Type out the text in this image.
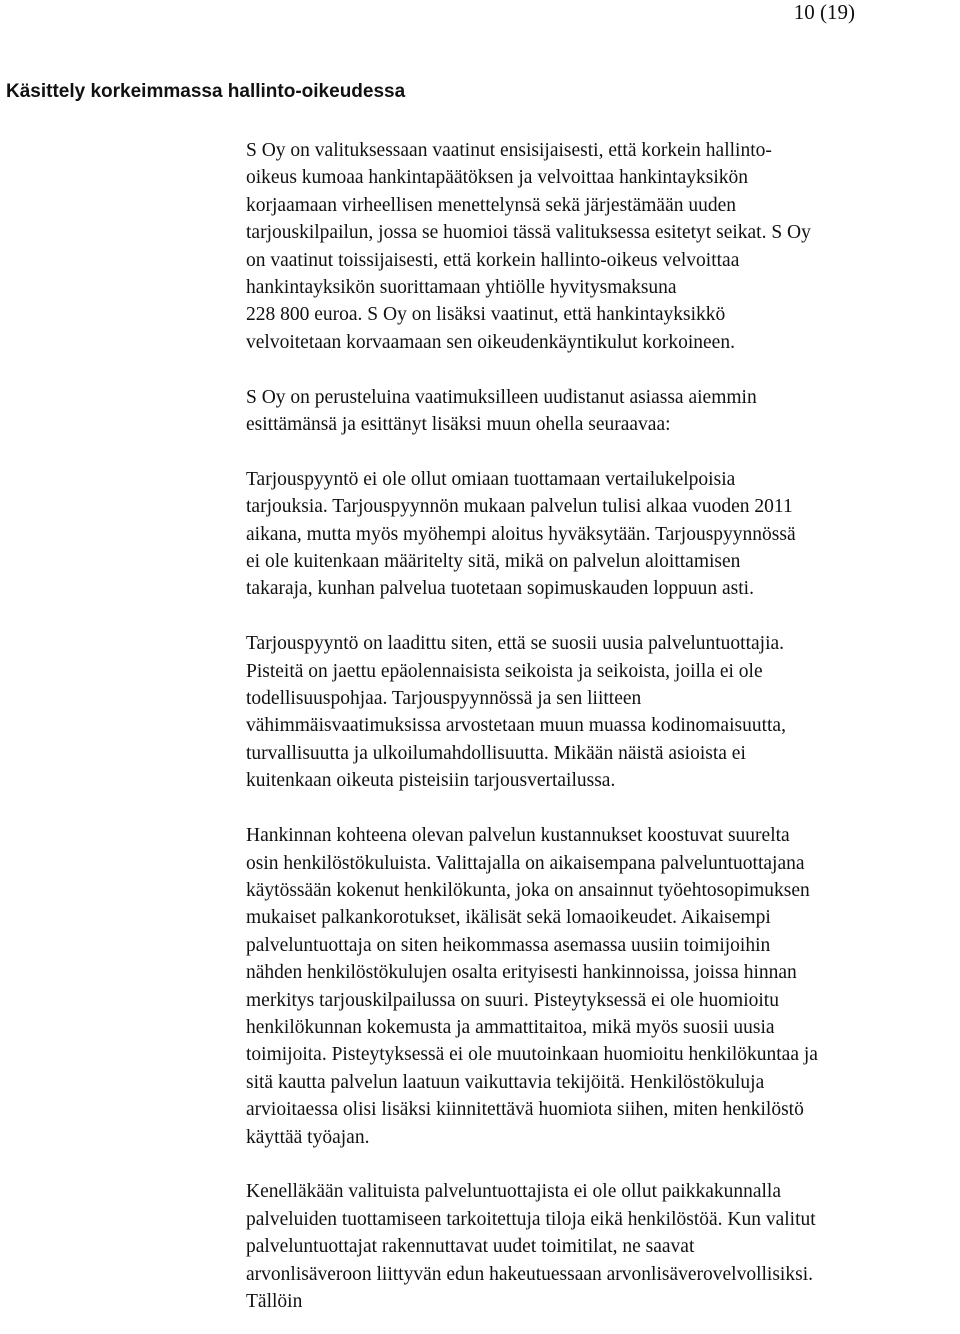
10 (19)
Käsittely korkeimmassa hallinto-oikeudessa

S Oy on valituksessaan vaatinut ensisijaisesti, että korkein hallinto-
oikeus kumoaa hankintapäätöksen ja velvoittaa hankintayksikön
korjaamaan virheellisen menettelynsä sekä järjestämään uuden
tarjouskilpailun, jossa se huomioi tässä valituksessa esitetyt seikat. S Oy
on vaatinut toissijaisesti, että korkein hallinto-oikeus velvoittaa
hankintayksikön suorittamaan yhtiölle hyvitysmaksuna
228 800 euroa. S Oy on lisäksi vaatinut, että hankintayksikkö
velvoitetaan korvaamaan sen oikeudenkäyntikulut korkoineen.

S Oy on perusteluina vaatimuksilleen uudistanut asiassa aiemmin
esittämänsä ja esittänyt lisäksi muun ohella seuraavaa:

Tarjouspyyntö ei ole ollut omiaan tuottamaan vertailukelpoisia
tarjouksia. Tarjouspyynnön mukaan palvelun tulisi alkaa vuoden 2011
aikana, mutta myös myöhempi aloitus hyväksytään. Tarjouspyynnössä
ei ole kuitenkaan määritelty sitä, mikä on palvelun aloittamisen
takaraja, kunhan palvelua tuotetaan sopimuskauden loppuun asti.

Tarjouspyyntö on laadittu siten, että se suosii uusia palveluntuottajia.
Pisteitä on jaettu epäolennaisista seikoista ja seikoista, joilla ei ole
todellisuuspohjaa. Tarjouspyynnössä ja sen liitteen
vähimmäisvaatimuksissa arvostetaan muun muassa kodinomaisuutta,
turvallisuutta ja ulkoilumahdollisuutta. Mikään näistä asioista ei
kuitenkaan oikeuta pisteisiin tarjousvertailussa.

Hankinnan kohteena olevan palvelun kustannukset koostuvat suurelta
osin henkilöstökuluista. Valittajalla on aikaisempana palveluntuottajana
käytössään kokenut henkilökunta, joka on ansainnut työehtosopimuksen
mukaiset palkankorotukset, ikälisät sekä lomaoikeudet. Aikaisempi
palveluntuottaja on siten heikommassa asemassa uusiin toimijoihin
nähden henkilöstökulujen osalta erityisesti hankinnoissa, joissa hinnan
merkitys tarjouskilpailussa on suuri. Pisteytyksessä ei ole huomioitu
henkilökunnan kokemusta ja ammattitaitoa, mikä myös suosii uusia
toimijoita. Pisteytyksessä ei ole muutoinkaan huomioitu henkilökuntaa ja
sitä kautta palvelun laatuun vaikuttavia tekijöitä. Henkilöstökuluja
arvioitaessa olisi lisäksi kiinnitettävä huomiota siihen, miten henkilöstö
käyttää työajan.

Kenelläkään valituista palveluntuottajista ei ole ollut paikkakunnalla
palveluiden tuottamiseen tarkoitettuja tiloja eikä henkilöstöä. Kun valitut
palveluntuottajat rakennuttavat uudet toimitilat, ne saavat
arvonlisäveroon liittyvän edun hakeutuessaan arvonlisäverovelvollisiksi.
Tällöin
